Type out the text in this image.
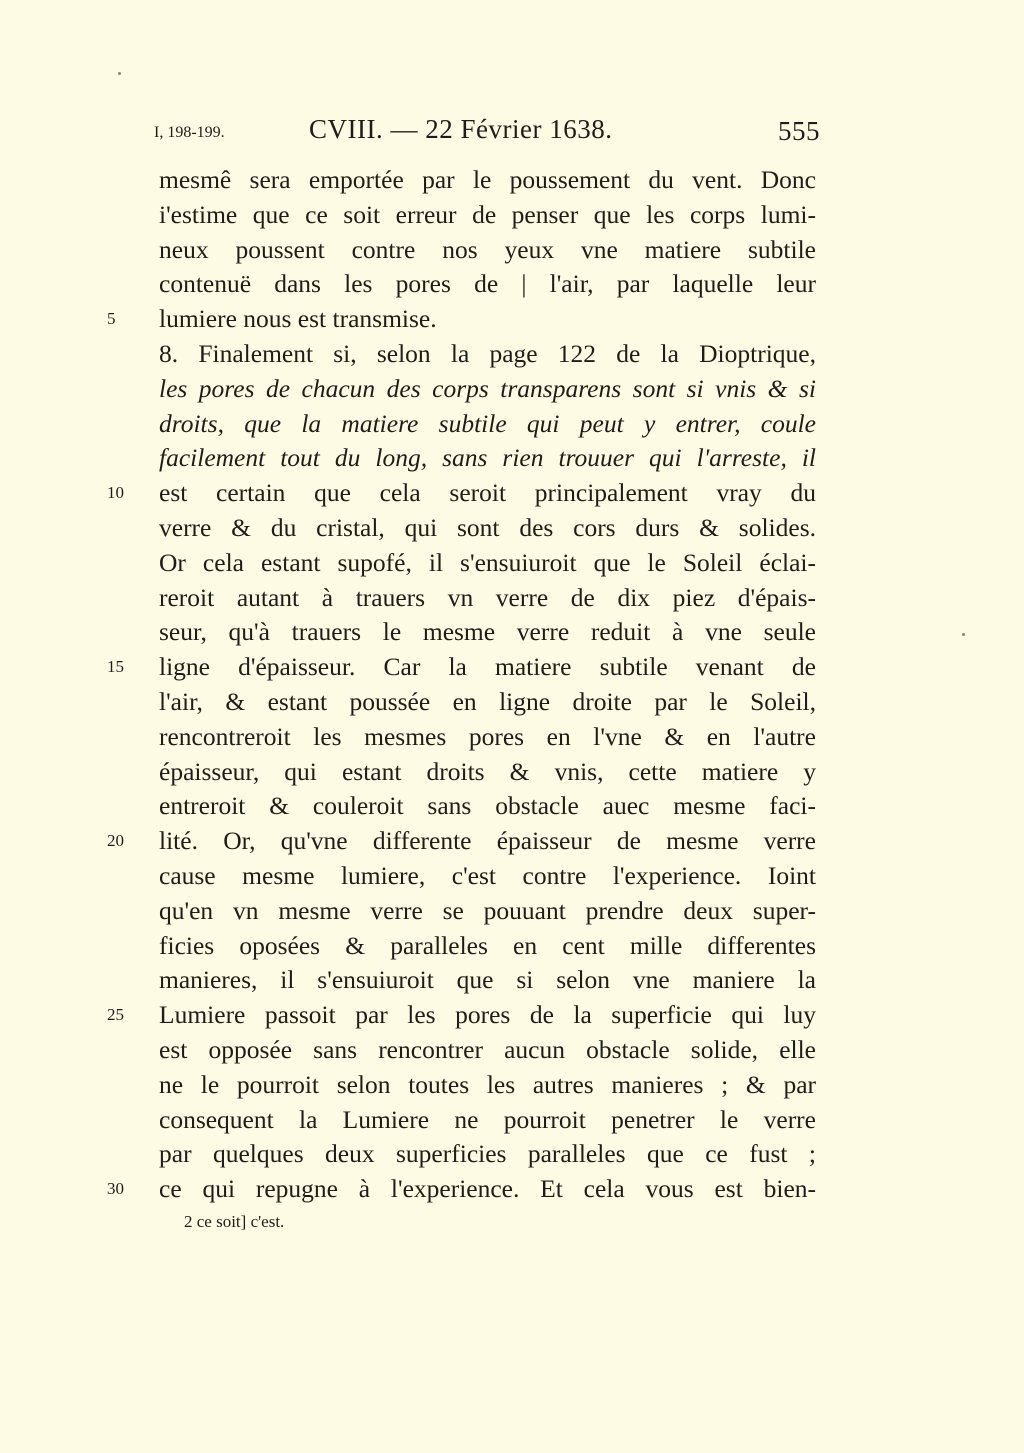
I, 198-199.	CVIII. — 22 Février 1638.	555
mesmê sera emportée par le poussement du vent. Donc
i'estime que ce soit erreur de penser que les corps lumi-
neux poussent contre nos yeux vne matiere subtile
contenuë dans les pores de | l'air, par laquelle leur
5	lumiere nous est transmise.
8. Finalement si, selon la page 122 de la Dioptrique,
les pores de chacun des corps transparens sont si vnis & si
droits, que la matiere subtile qui peut y entrer, coule
facilement tout du long, sans rien trouuer qui l'arreste, il
10	est certain que cela seroit principalement vray du
verre & du cristal, qui sont des cors durs & solides.
Or cela estant supofé, il s'ensuiuroit que le Soleil éclai-
reroit autant à trauers vn verre de dix piez d'épais-
seur, qu'à trauers le mesme verre reduit à vne seule
15	ligne d'épaisseur. Car la matiere subtile venant de
l'air, & estant poussée en ligne droite par le Soleil,
rencontreroit les mesmes pores en l'vne & en l'autre
épaisseur, qui estant droits & vnis, cette matiere y
entreroit & couleroit sans obstacle auec mesme faci-
20	lité. Or, qu'vne differente épaisseur de mesme verre
cause mesme lumiere, c'est contre l'experience. Ioint
qu'en vn mesme verre se pouuant prendre deux super-
ficies oposées & paralleles en cent mille differentes
manieres, il s'ensuiuroit que si selon vne maniere la
25	Lumiere passoit par les pores de la superficie qui luy
est opposée sans rencontrer aucun obstacle solide, elle
ne le pourroit selon toutes les autres manieres ; & par
consequent la Lumiere ne pourroit penetrer le verre
par quelques deux superficies paralleles que ce fust ;
30	ce qui repugne à l'experience. Et cela vous est bien-
2 ce soit] c'est.
